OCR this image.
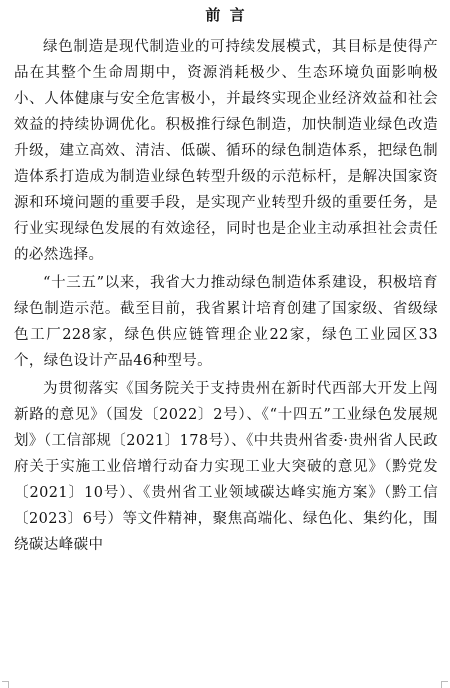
前 言

绿色制造是现代制造业的可持续发展模式，其目标是使得产品在其整个生命周期中，资源消耗极少、生态环境负面影响极小、人体健康与安全危害极小，并最终实现企业经济效益和社会效益的持续协调优化。积极推行绿色制造，加快制造业绿色改造升级，建立高效、清洁、低碳、循环的绿色制造体系，把绿色制造体系打造成为制造业绿色转型升级的示范标杆，是解决国家资源和环境问题的重要手段，是实现产业转型升级的重要任务，是行业实现绿色发展的有效途径，同时也是企业主动承担社会责任的必然选择。

“十三五”以来，我省大力推动绿色制造体系建设，积极培育绿色制造示范。截至目前，我省累计培育创建了国家级、省级绿色工厂228家，绿色供应链管理企业22家，绿色工业园区33个，绿色设计产品46种型号。

为贯彻落实《国务院关于支持贵州在新时代西部大开发上闯新路的意见》（国发〔2022〕2号）、《“十四五”工业绿色发展规划》（工信部规〔2021〕178号）、《中共贵州省委·贵州省人民政府关于实施工业倍增行动奋力实现工业大突破的意见》（黔党发〔2021〕10号）、《贵州省工业领域碳达峰实施方案》（黔工信〔2023〕6号）等文件精神，聚焦高端化、绿色化、集约化，围绕碳达峰碳中
